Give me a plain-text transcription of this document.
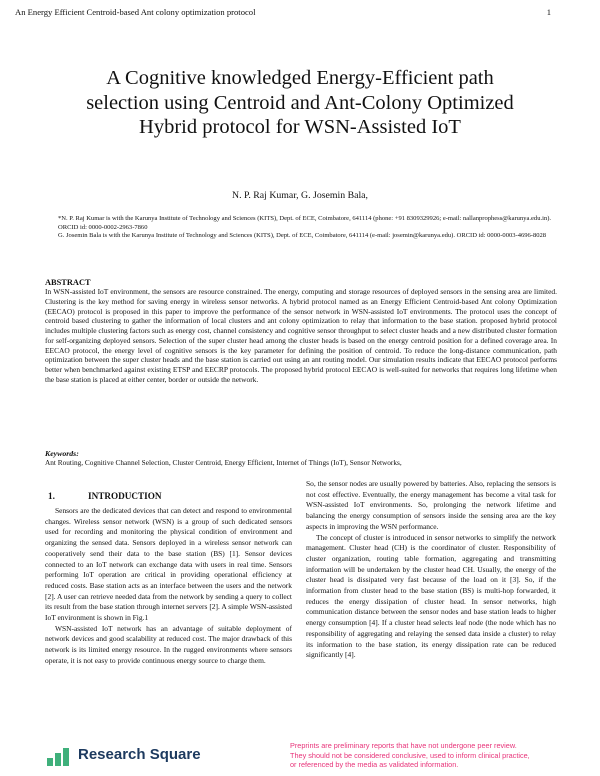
An Energy Efficient Centroid-based Ant colony optimization protocol	1
A Cognitive knowledged Energy-Efficient path selection using Centroid and Ant-Colony Optimized Hybrid protocol for WSN-Assisted IoT
N. P. Raj Kumar, G. Josemin Bala,

*N. P. Raj Kumar is with the Karunya Institute of Technology and Sciences (KITS), Dept. of ECE, Coimbatore, 641114 (phone: +91 8309329926; e-mail: nallanprophess@karunya.edu.in). ORCID id: 0000-0002-2963-7860

G. Josemin Bala is with the Karunya Institute of Technology and Sciences (KITS), Dept. of ECE, Coimbatore, 641114 (e-mail: josemin@karunya.edu). ORCID id: 0000-0003-4696-8028

ABSTRACT
In WSN-assisted IoT environment, the sensors are resource constrained. The energy, computing and storage resources of deployed sensors in the sensing area are limited. Clustering is the key method for saving energy in wireless sensor networks. A hybrid protocol named as an Energy Efficient Centroid-based Ant colony Optimization (EECAO) protocol is proposed in this paper to improve the performance of the sensor network in WSN-assisted IoT environments. The protocol uses the concept of centroid based clustering to gather the information of local clusters and ant colony optimization to relay that information to the base station. proposed hybrid protocol includes multiple clustering factors such as energy cost, channel consistency and cognitive sensor throughput to select cluster heads and a new distributed cluster formation for self-organizing deployed sensors. Selection of the super cluster head among the cluster heads is based on the energy centroid position for a defined coverage area. In EECAO protocol, the energy level of cognitive sensors is the key parameter for defining the position of centroid. To reduce the long-distance communication, path optimization between the super cluster heads and the base station is carried out using an ant routing model. Our simulation results indicate that EECAO protocol performs better when benchmarked against existing ETSP and EECRP protocols. The proposed hybrid protocol EECAO is well-suited for networks that requires long lifetime when the base station is placed at either center, border or outside the network.
Keywords:
Ant Routing, Cognitive Channel Selection, Cluster Centroid, Energy Efficient, Internet of Things (IoT), Sensor Networks,
1.	INTRODUCTION

Sensors are the dedicated devices that can detect and respond to environmental changes. Wireless sensor network (WSN) is a group of such dedicated sensors used for recording and monitoring the physical condition of environment and organizing the sensed data. Sensors deployed in a wireless sensor network can cooperatively send their data to the base station (BS) [1]. Sensor devices connected to an IoT network can exchange data with users in real time. Sensors performing IoT operation are critical in providing operational efficiency at reduced costs. Base station acts as an interface between the users and the network [2]. A user can retrieve needed data from the network by sending a query to collect its result from the base station through internet servers [2]. A simple WSN-assisted IoT environment is shown in Fig.1

WSN-assisted IoT network has an advantage of suitable deployment of network devices and good scalability at reduced cost. The major drawback of this network is its limited energy resource. In the rugged environments where sensors operate, it is not easy to provide continuous energy source to charge them.

So, the sensor nodes are usually powered by batteries. Also, replacing the sensors is not cost effective. Eventually, the energy management has become a vital task for WSN-assisted IoT environments. So, prolonging the network lifetime and balancing the energy consumption of sensors inside the sensing area are the key aspects in improving the WSN performance.

The concept of cluster is introduced in sensor networks to simplify the network management. Cluster head (CH) is the coordinator of cluster. Responsibility of cluster organization, routing table formation, aggregating and transmitting information will be undertaken by the cluster head CH. Usually, the energy of the cluster head is dissipated very fast because of the load on it [3]. So, if the information from cluster head to the base station (BS) is multi-hop forwarded, it reduces the energy dissipation of cluster head. In sensor networks, high communication distance between the sensor nodes and base station leads to higher energy consumption [4]. If a cluster head selects leaf node (the node which has no responsibility of aggregating and relaying the sensed data inside a cluster) to relay its information to the base station, its energy dissipation rate can be reduced significantly [4].

Research Square

Preprints are preliminary reports that have not undergone peer review.

They should not be considered conclusive, used to inform clinical practice,

or referenced by the media as validated information.
